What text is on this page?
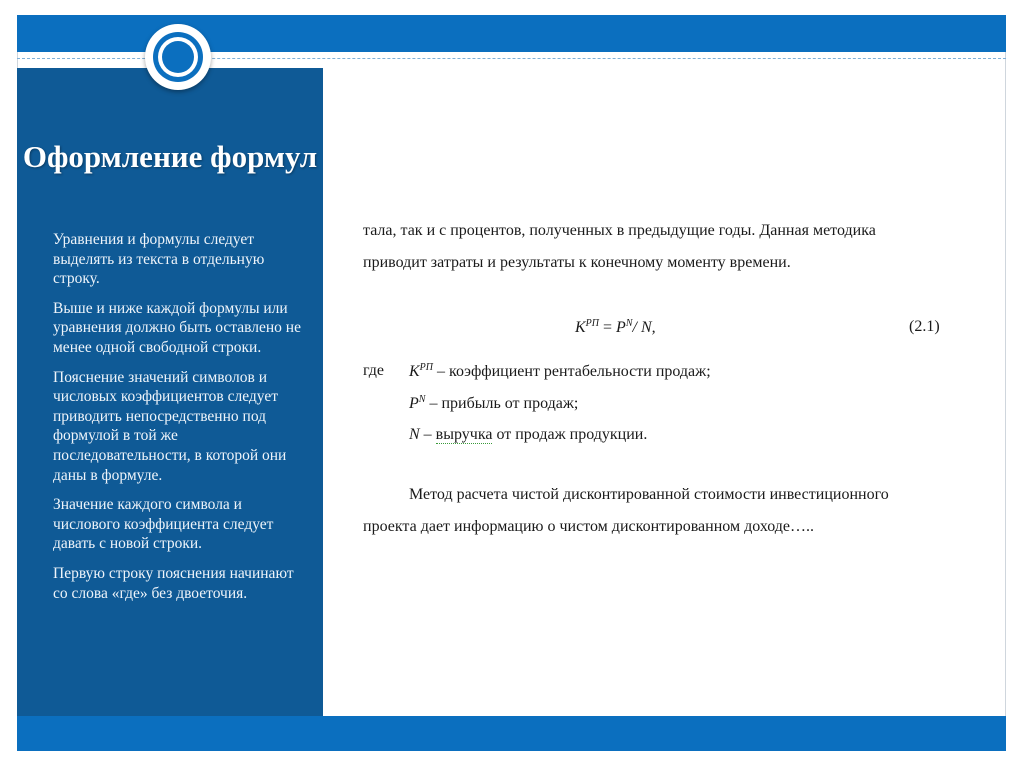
Оформление формул

Уравнения и формулы следует выделять из текста в отдельную строку.

Выше и ниже каждой формулы или уравнения должно быть оставлено не менее одной свободной строки.

Пояснение значений символов и числовых коэффициентов следует приводить непосредственно под формулой в той же последовательности, в которой они даны в формуле.

Значение каждого символа и числового коэффициента следует давать с новой строки.

Первую строку пояснения начинают со слова «где» без двоеточия.

тала, так и с процентов, полученных в предыдущие годы. Данная методика
приводит затраты и результаты к конечному моменту времени.
$K^{РП} = P^N/$ N,	(2.1)
где $K^{РП}$ – коэффициент рентабельности продаж;
$P^N$ – прибыль от продаж;
N – выручка от продаж продукции.
Метод расчета чистой дисконтированной стоимости инвестиционного
проекта дает информацию о чистом дисконтированном доходе…..
